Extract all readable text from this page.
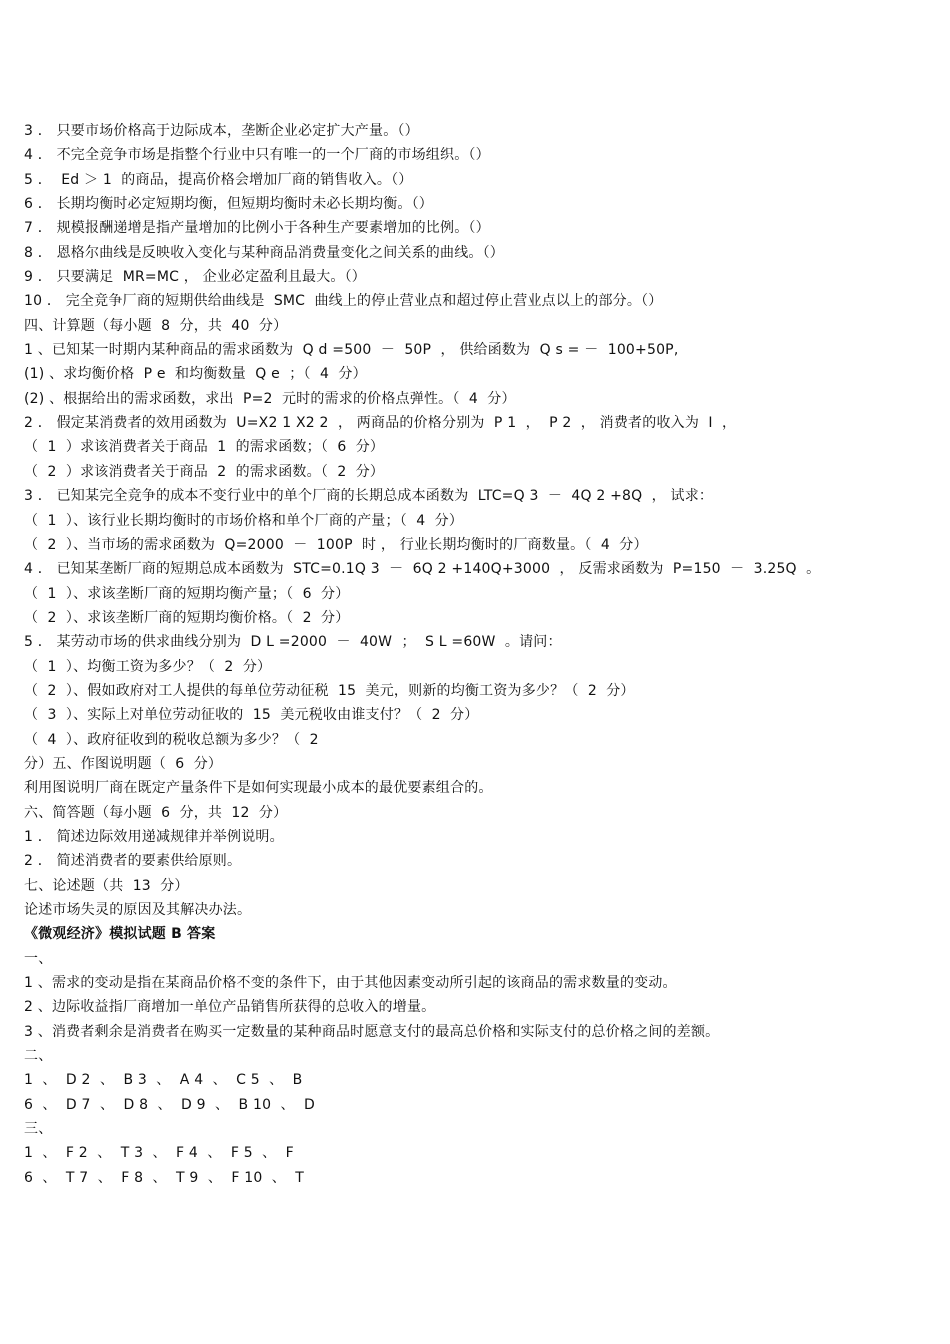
3 ． 只要市场价格高于边际成本，垄断企业必定扩大产量。（）
4 ． 不完全竞争市场是指整个行业中只有唯一的一个厂商的市场组织。（）
5 ．  Ed ＞ 1  的商品，提高价格会增加厂商的销售收入。（）
6 ． 长期均衡时必定短期均衡，但短期均衡时未必长期均衡。（）
7 ． 规模报酬递增是指产量增加的比例小于各种生产要素增加的比例。（）
8 ． 恩格尔曲线是反映收入变化与某种商品消费量变化之间关系的曲线。（）
9 ． 只要满足  MR=MC ， 企业必定盈利且最大。（）
10 ． 完全竞争厂商的短期供给曲线是  SMC  曲线上的停止营业点和超过停止营业点以上的部分。（）
四、计算题（每小题  8  分，共  40  分）
1 、已知某一时期内某种商品的需求函数为  Q d =500  －  50P  ， 供给函数为  Q s = －  100+50P,
(1) 、求均衡价格  P e  和均衡数量  Q e  ；（  4  分）
(2) 、根据给出的需求函数，求出  P=2  元时的需求的价格点弹性。（  4  分）
2 ． 假定某消费者的效用函数为  U=X2 1 X2 2  ， 两商品的价格分别为  P 1  ，  P 2  ， 消费者的收入为  I  ，
（  1  ）求该消费者关于商品  1  的需求函数；（  6  分）
（  2  ）求该消费者关于商品  2  的需求函数。（  2  分）
3 ． 已知某完全竞争的成本不变行业中的单个厂商的长期总成本函数为  LTC=Q 3  －  4Q 2 +8Q  ， 试求：
（  1  ）、该行业长期均衡时的市场价格和单个厂商的产量；（  4  分）
（  2  ）、当市场的需求函数为  Q=2000  －  100P  时 ， 行业长期均衡时的厂商数量。（  4  分）
4 ． 已知某垄断厂商的短期总成本函数为  STC=0.1Q 3  －  6Q 2 +140Q+3000  ， 反需求函数为  P=150  －  3.25Q  。
（  1  ）、求该垄断厂商的短期均衡产量；（  6  分）
（  2  ）、求该垄断厂商的短期均衡价格。（  2  分）
5 ． 某劳动市场的供求曲线分别为  D L =2000  －  40W  ；  S L =60W  。请问：
（  1  ）、均衡工资为多少？（  2  分）
（  2  ）、假如政府对工人提供的每单位劳动征税  15  美元，则新的均衡工资为多少？（  2  分）
（  3  ）、实际上对单位劳动征收的  15  美元税收由谁支付？（  2  分）
（  4  ）、政府征收到的税收总额为多少？（  2
分）五、作图说明题（  6  分）
利用图说明厂商在既定产量条件下是如何实现最小成本的最优要素组合的。
六、简答题（每小题  6  分，共  12  分）
1 ． 简述边际效用递减规律并举例说明。
2 ． 简述消费者的要素供给原则。
七、论述题（共  13  分）
论述市场失灵的原因及其解决办法。
《微观经济》模拟试题 B 答案
一、
1 、需求的变动是指在某商品价格不变的条件下，由于其他因素变动所引起的该商品的需求数量的变动。
2 、边际收益指厂商增加一单位产品销售所获得的总收入的增量。
3 、消费者剩余是消费者在购买一定数量的某种商品时愿意支付的最高总价格和实际支付的总价格之间的差额。
二、
1  、  D 2  、  B 3  、  A 4  、  C 5  、  B
6  、  D 7  、  D 8  、  D 9  、  B 10  、  D
三、
1  、  F 2  、  T 3  、  F 4  、  F 5  、  F
6  、  T 7  、  F 8  、  T 9  、  F 10  、  T
